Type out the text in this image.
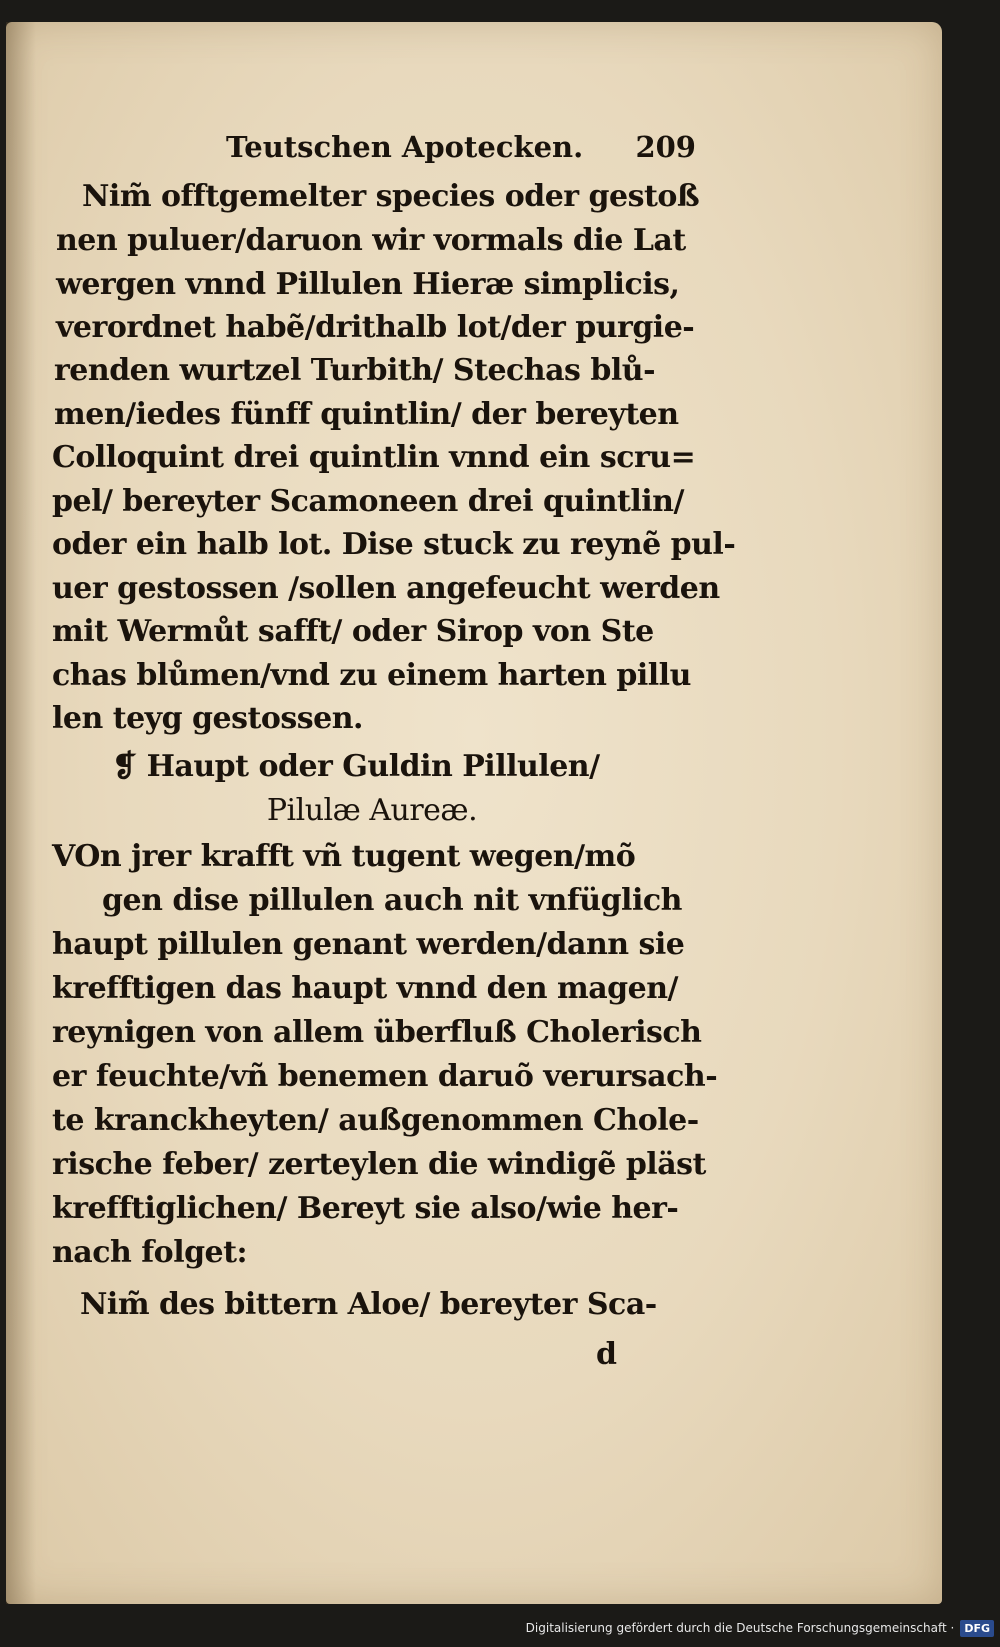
Teutschen Apotecken. 209
Nim̃ offtgemelter species oder gestoß
nen puluer/daruon wir vormals die Lat
wergen vnnd Pillulen Hieræ simplicis,
verordnet habẽ/drithalb lot/der purgie-
renden wurtzel Turbith/ Stechas blů-
men/iedes fünff quintlin/ der bereyten
Colloquint drei quintlin vnnd ein scru=
pel/ bereyter Scamoneen drei quintlin/
oder ein halb lot. Dise stuck zu reynẽ pul-
uer gestossen /sollen angefeucht werden
mit Wermůt safft/ oder Sirop von Ste
chas blůmen/vnd zu einem harten pillu
len teyg gestossen.
❡ Haupt oder Guldin Pillulen/
Pilulæ Aureæ.
VOn jrer krafft vñ tugent wegen/mõ
gen dise pillulen auch nit vnfüglich
haupt pillulen genant werden/dann sie
krefftigen das haupt vnnd den magen/
reynigen von allem überfluß Cholerisch
er feuchte/vñ benemen daruõ verursach-
te kranckheyten/ außgenommen Chole-
rische feber/ zerteylen die windigẽ pläst
krefftiglichen/ Bereyt sie also/wie her-
nach folget:
Nim̃ des bittern Aloe/ bereyter Sca-
d
Digitalisierung gefördert durch die Deutsche Forschungsgemeinschaft · DFG
